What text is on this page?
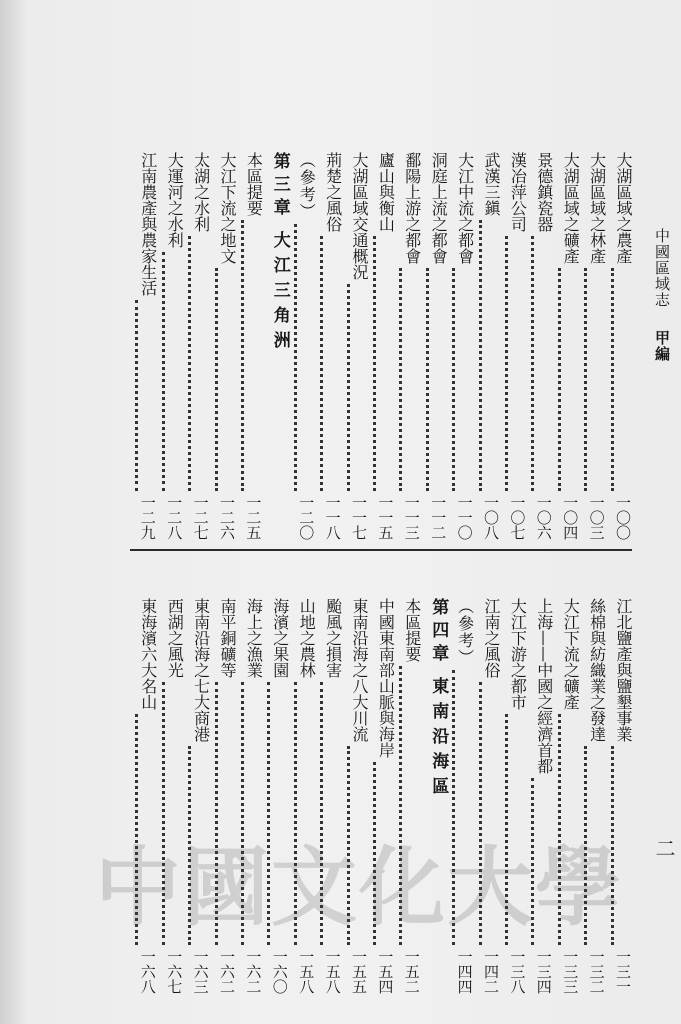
中國區域志 甲編
二
大湖區域之農產
一〇〇
大湖區域之林產
一〇三
大湖區域之礦產
一〇四
景德鎮瓷器
一〇六
漢冶萍公司
一〇七
武漢三鎭
一〇八
大江中流之都會
一一〇
洞庭上流之都會
一一二
鄱陽上游之都會
一一三
廬山與衡山
一一五
大湖區域交通概況
一一七
荊楚之風俗
一一八
（參考）
一二〇
第三章
大江三角洲
本區提要
一二五
大江下流之地文
一二六
太湖之水利
一二七
大運河之水利
一二八
江南農產與農家生活
一二九
江北鹽產與鹽墾事業
一三一
絲棉與紡織業之發達
一三二
大江下流之礦產
一三三
上海——中國之經濟首都
一三四
大江下游之都市
一三八
江南之風俗
一四二
（參考）
一四四
第四章
東南沿海區
本區提要
一五二
中國東南部山脈與海岸
一五四
東南沿海之八大川流
一五五
颱風之損害
一五八
山地之農林
一五八
海濱之果園
一六〇
海上之漁業
一六二
南平銅礦等
一六二
東南沿海之七大商港
一六三
西湖之風光
一六七
東海濱六大名山
一六八
中 國 文 化 大 學
